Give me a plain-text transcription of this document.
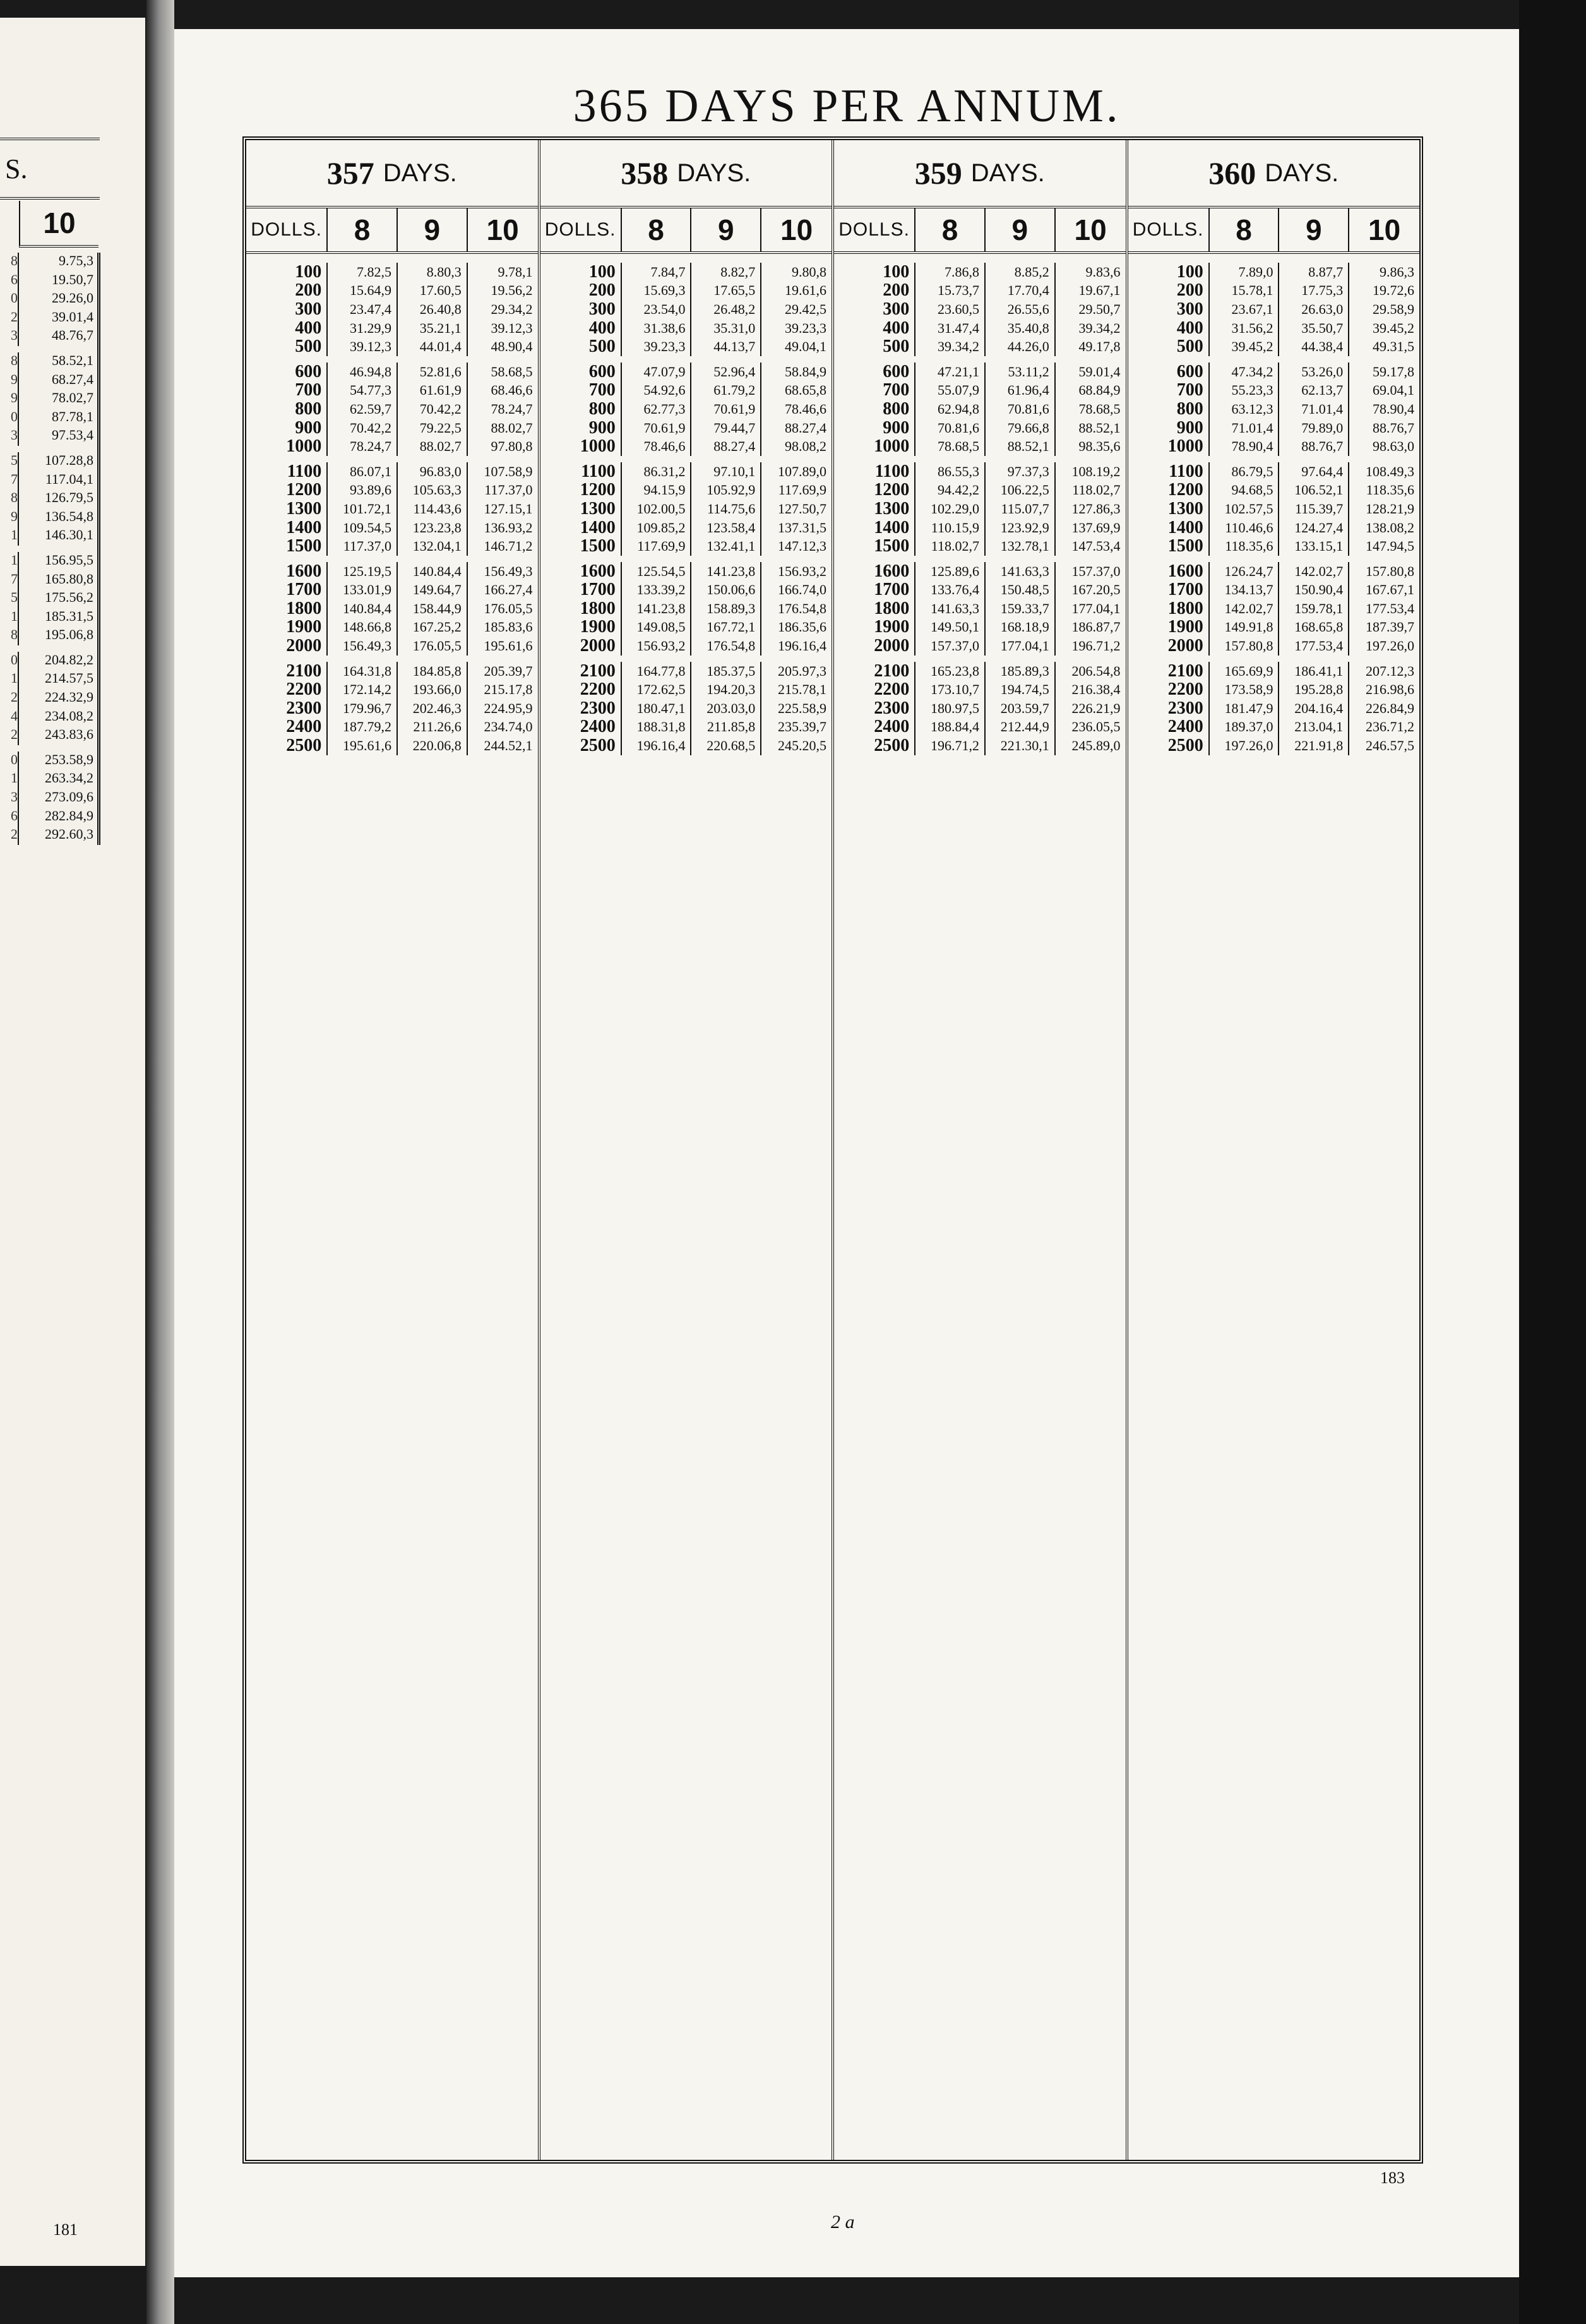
S.
10
8	9.75,3
6	19.50,7
0	29.26,0
2	39.01,4
3	48.76,7
8	58.52,1
9	68.27,4
9	78.02,7
0	87.78,1
3	97.53,4
5	107.28,8
7	117.04,1
8	126.79,5
9	136.54,8
1	146.30,1
1	156.95,5
7	165.80,8
5	175.56,2
1	185.31,5
8	195.06,8
0	204.82,2
1	214.57,5
2	224.32,9
4	234.08,2
2	243.83,6
0	253.58,9
1	263.34,2
3	273.09,6
6	282.84,9
2	292.60,3
181
365 DAYS PER ANNUM.
357 DAYS.
DOLLS.	8	9	10
100	7.82,5	8.80,3	9.78,1
200	15.64,9	17.60,5	19.56,2
300	23.47,4	26.40,8	29.34,2
400	31.29,9	35.21,1	39.12,3
500	39.12,3	44.01,4	48.90,4
600	46.94,8	52.81,6	58.68,5
700	54.77,3	61.61,9	68.46,6
800	62.59,7	70.42,2	78.24,7
900	70.42,2	79.22,5	88.02,7
1000	78.24,7	88.02,7	97.80,8
1100	86.07,1	96.83,0	107.58,9
1200	93.89,6	105.63,3	117.37,0
1300	101.72,1	114.43,6	127.15,1
1400	109.54,5	123.23,8	136.93,2
1500	117.37,0	132.04,1	146.71,2
1600	125.19,5	140.84,4	156.49,3
1700	133.01,9	149.64,7	166.27,4
1800	140.84,4	158.44,9	176.05,5
1900	148.66,8	167.25,2	185.83,6
2000	156.49,3	176.05,5	195.61,6
2100	164.31,8	184.85,8	205.39,7
2200	172.14,2	193.66,0	215.17,8
2300	179.96,7	202.46,3	224.95,9
2400	187.79,2	211.26,6	234.74,0
2500	195.61,6	220.06,8	244.52,1
358 DAYS.
DOLLS.	8	9	10
100	7.84,7	8.82,7	9.80,8
200	15.69,3	17.65,5	19.61,6
300	23.54,0	26.48,2	29.42,5
400	31.38,6	35.31,0	39.23,3
500	39.23,3	44.13,7	49.04,1
600	47.07,9	52.96,4	58.84,9
700	54.92,6	61.79,2	68.65,8
800	62.77,3	70.61,9	78.46,6
900	70.61,9	79.44,7	88.27,4
1000	78.46,6	88.27,4	98.08,2
1100	86.31,2	97.10,1	107.89,0
1200	94.15,9	105.92,9	117.69,9
1300	102.00,5	114.75,6	127.50,7
1400	109.85,2	123.58,4	137.31,5
1500	117.69,9	132.41,1	147.12,3
1600	125.54,5	141.23,8	156.93,2
1700	133.39,2	150.06,6	166.74,0
1800	141.23,8	158.89,3	176.54,8
1900	149.08,5	167.72,1	186.35,6
2000	156.93,2	176.54,8	196.16,4
2100	164.77,8	185.37,5	205.97,3
2200	172.62,5	194.20,3	215.78,1
2300	180.47,1	203.03,0	225.58,9
2400	188.31,8	211.85,8	235.39,7
2500	196.16,4	220.68,5	245.20,5
359 DAYS.
DOLLS.	8	9	10
100	7.86,8	8.85,2	9.83,6
200	15.73,7	17.70,4	19.67,1
300	23.60,5	26.55,6	29.50,7
400	31.47,4	35.40,8	39.34,2
500	39.34,2	44.26,0	49.17,8
600	47.21,1	53.11,2	59.01,4
700	55.07,9	61.96,4	68.84,9
800	62.94,8	70.81,6	78.68,5
900	70.81,6	79.66,8	88.52,1
1000	78.68,5	88.52,1	98.35,6
1100	86.55,3	97.37,3	108.19,2
1200	94.42,2	106.22,5	118.02,7
1300	102.29,0	115.07,7	127.86,3
1400	110.15,9	123.92,9	137.69,9
1500	118.02,7	132.78,1	147.53,4
1600	125.89,6	141.63,3	157.37,0
1700	133.76,4	150.48,5	167.20,5
1800	141.63,3	159.33,7	177.04,1
1900	149.50,1	168.18,9	186.87,7
2000	157.37,0	177.04,1	196.71,2
2100	165.23,8	185.89,3	206.54,8
2200	173.10,7	194.74,5	216.38,4
2300	180.97,5	203.59,7	226.21,9
2400	188.84,4	212.44,9	236.05,5
2500	196.71,2	221.30,1	245.89,0
360 DAYS.
DOLLS.	8	9	10
100	7.89,0	8.87,7	9.86,3
200	15.78,1	17.75,3	19.72,6
300	23.67,1	26.63,0	29.58,9
400	31.56,2	35.50,7	39.45,2
500	39.45,2	44.38,4	49.31,5
600	47.34,2	53.26,0	59.17,8
700	55.23,3	62.13,7	69.04,1
800	63.12,3	71.01,4	78.90,4
900	71.01,4	79.89,0	88.76,7
1000	78.90,4	88.76,7	98.63,0
1100	86.79,5	97.64,4	108.49,3
1200	94.68,5	106.52,1	118.35,6
1300	102.57,5	115.39,7	128.21,9
1400	110.46,6	124.27,4	138.08,2
1500	118.35,6	133.15,1	147.94,5
1600	126.24,7	142.02,7	157.80,8
1700	134.13,7	150.90,4	167.67,1
1800	142.02,7	159.78,1	177.53,4
1900	149.91,8	168.65,8	187.39,7
2000	157.80,8	177.53,4	197.26,0
2100	165.69,9	186.41,1	207.12,3
2200	173.58,9	195.28,8	216.98,6
2300	181.47,9	204.16,4	226.84,9
2400	189.37,0	213.04,1	236.71,2
2500	197.26,0	221.91,8	246.57,5
2 a
183
